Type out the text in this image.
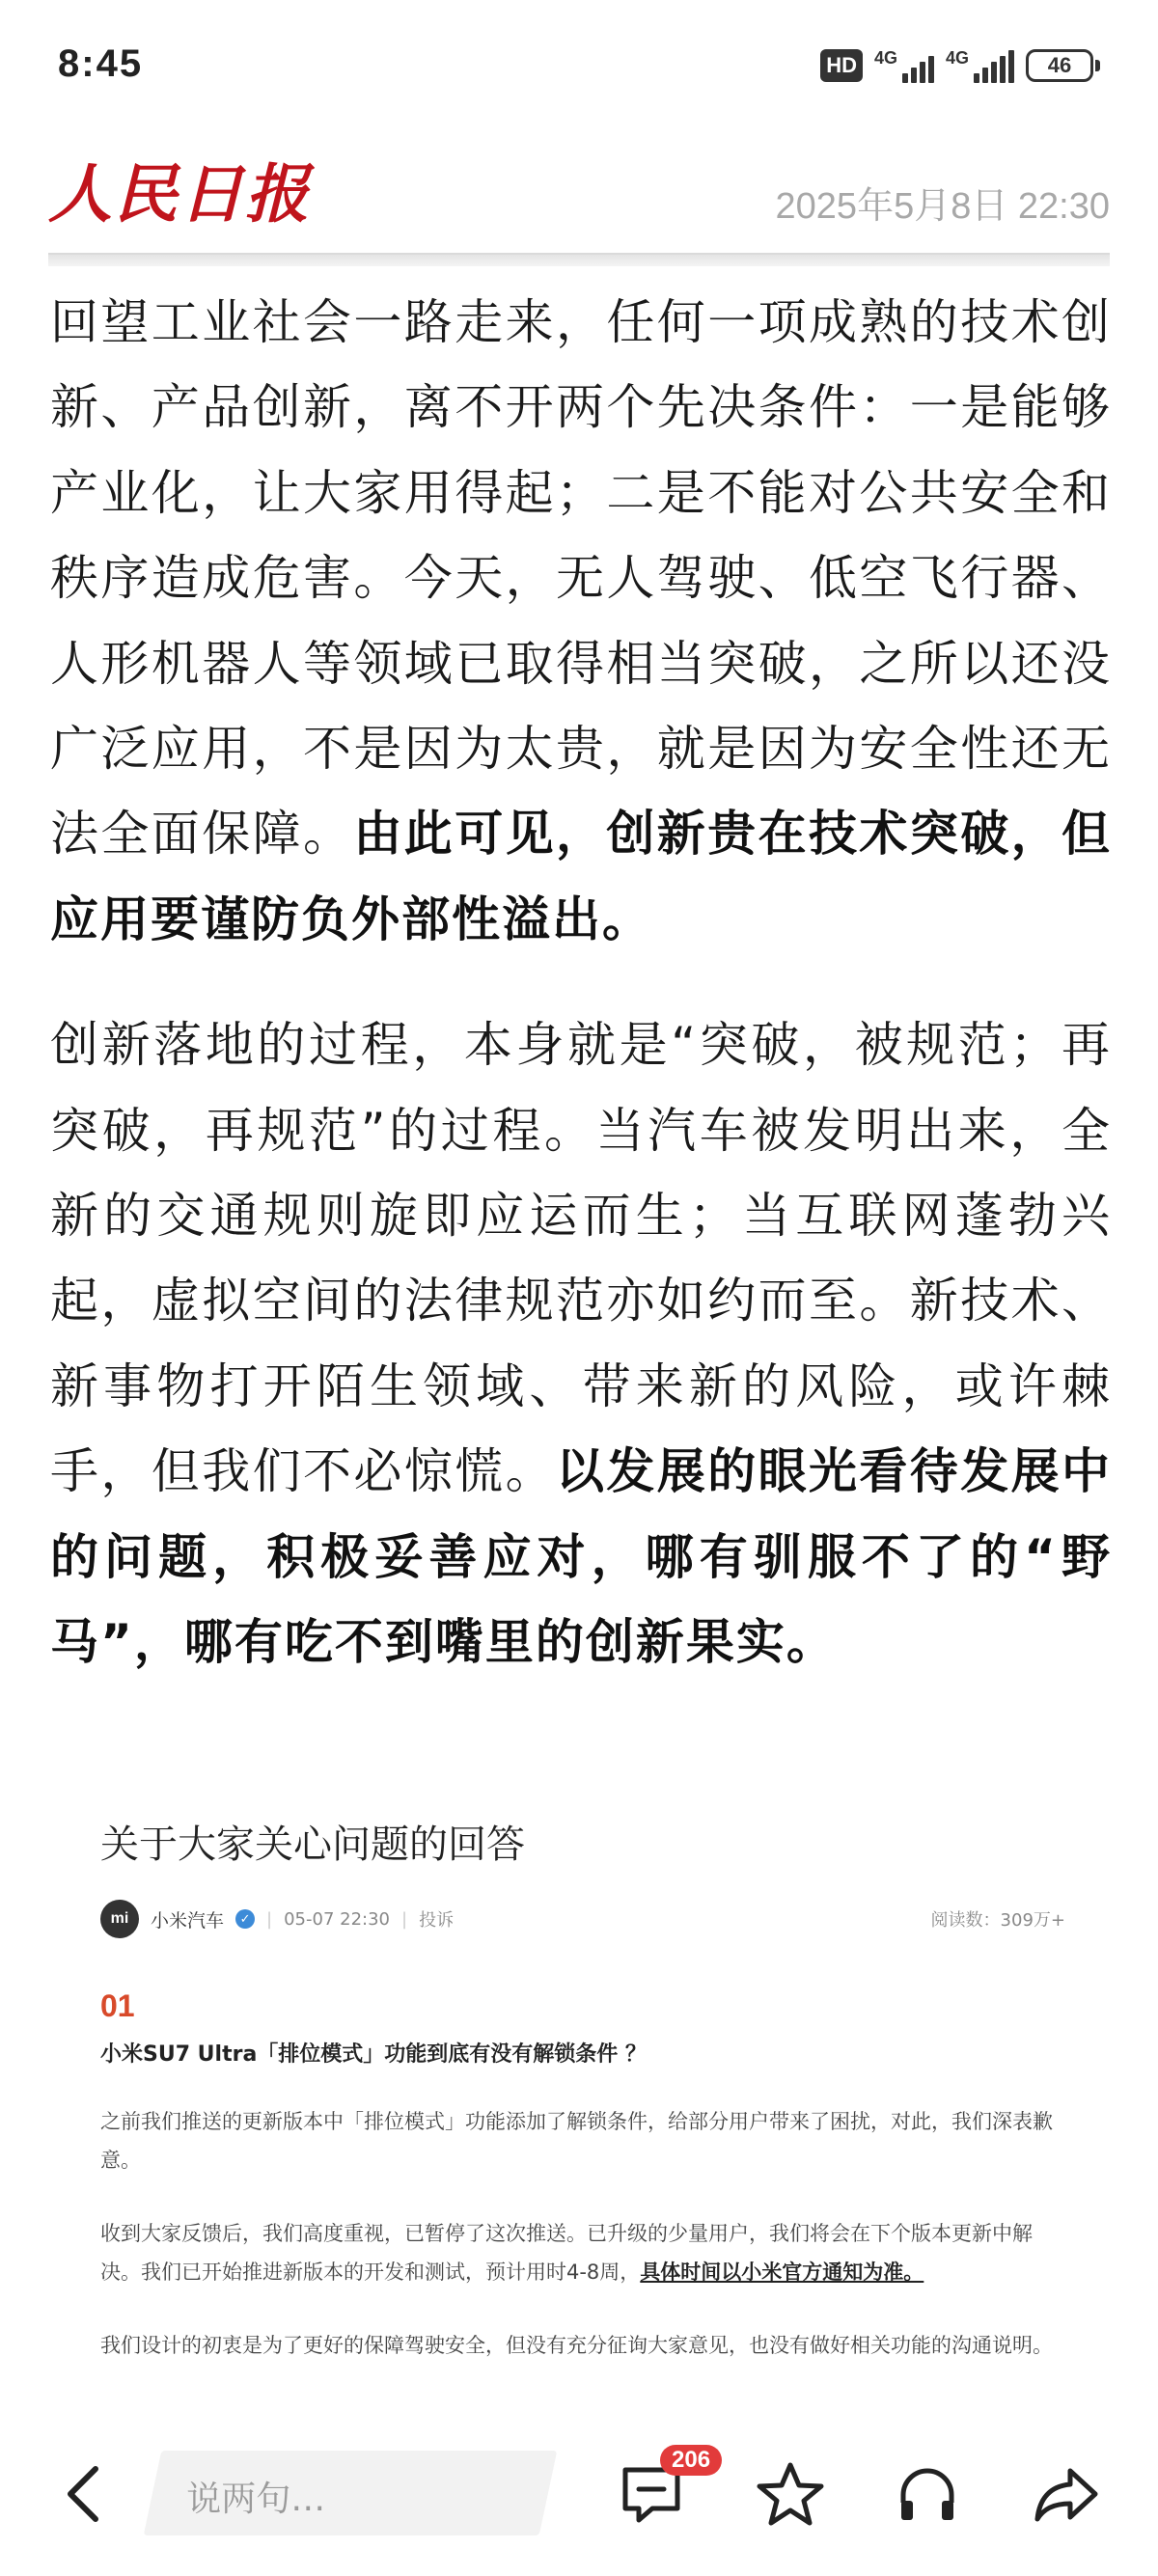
8:45	HD	4G	4G	46
人民日报	2025年5月8日 22:30

回望工业社会一路走来，任何一项成熟的技术创新、产品创新，离不开两个先决条件：一是能够产业化，让大家用得起；二是不能对公共安全和秩序造成危害。今天，无人驾驶、低空飞行器、人形机器人等领域已取得相当突破，之所以还没广泛应用，不是因为太贵，就是因为安全性还无法全面保障。由此可见，创新贵在技术突破，但应用要谨防负外部性溢出。

创新落地的过程，本身就是“突破，被规范；再突破，再规范”的过程。当汽车被发明出来，全新的交通规则旋即应运而生；当互联网蓬勃兴起，虚拟空间的法律规范亦如约而至。新技术、新事物打开陌生领域、带来新的风险，或许棘手，但我们不必惊慌。以发展的眼光看待发展中的问题，积极妥善应对，哪有驯服不了的“野马”，哪有吃不到嘴里的创新果实。

关于大家关心问题的回答
mi	小米汽车	✓ | 05-07 22:30 | 投诉	阅读数：309万+
01
小米SU7 Ultra「排位模式」功能到底有没有解锁条件 ？
之前我们推送的更新版本中「排位模式」功能添加了解锁条件，给部分用户带来了困扰，对此，我们深表歉意。
收到大家反馈后，我们高度重视，已暂停了这次推送。已升级的少量用户，我们将会在下个版本更新中解决。我们已开始推进新版本的开发和测试，预计用时4-8周，具体时间以小米官方通知为准。
我们设计的初衷是为了更好的保障驾驶安全，但没有充分征询大家意见，也没有做好相关功能的沟通说明。
说两句…
206
